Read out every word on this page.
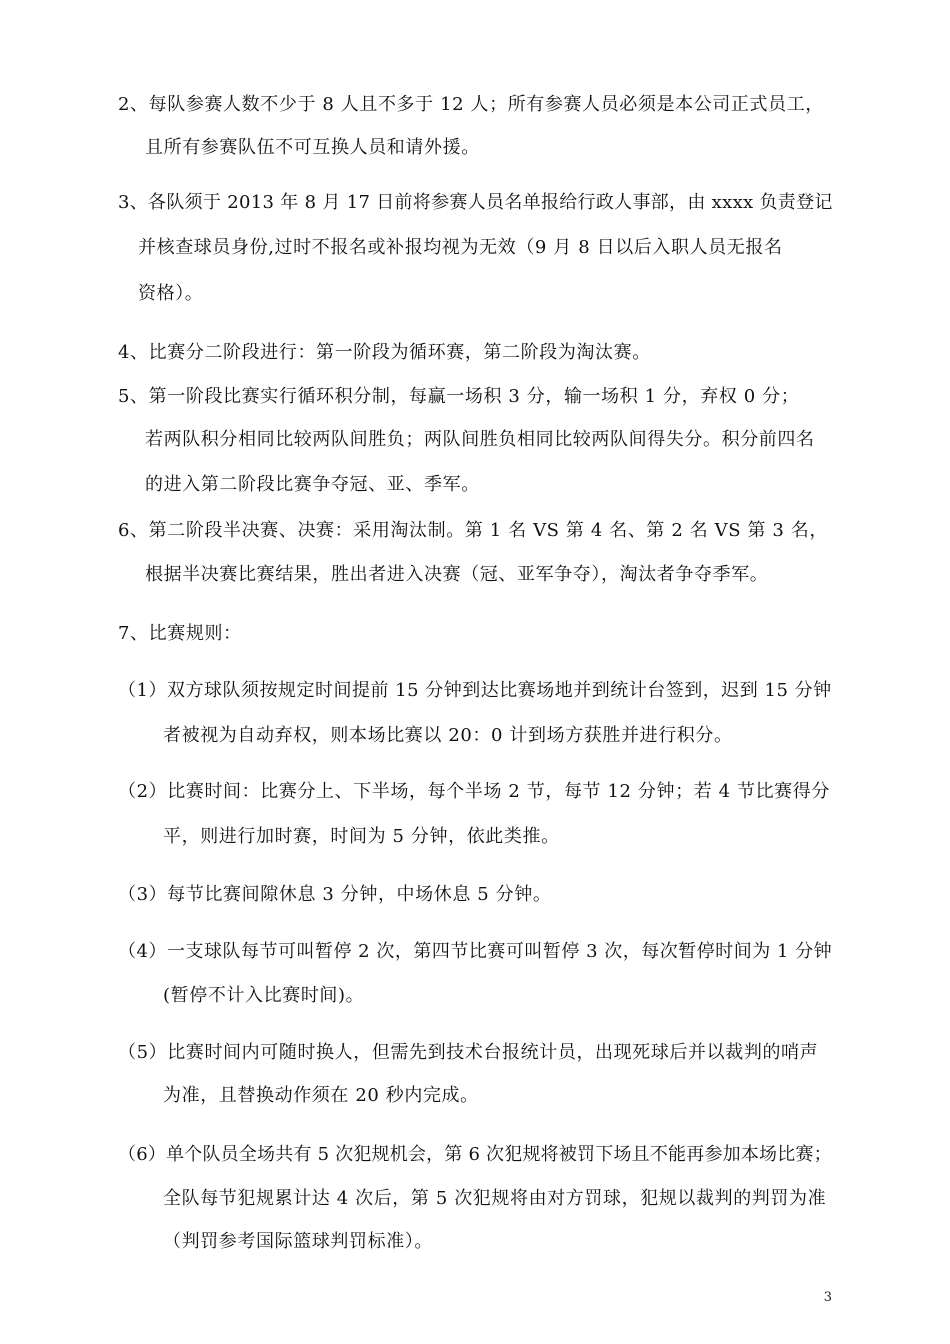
2、每队参赛人数不少于 8 人且不多于 12 人；所有参赛人员必须是本公司正式员工，
且所有参赛队伍不可互换人员和请外援。
3、各队须于 2013 年 8 月 17 日前将参赛人员名单报给行政人事部，由 xxxx 负责登记
并核查球员身份,过时不报名或补报均视为无效（9 月 8 日以后入职人员无报名
资格）。
4、比赛分二阶段进行：第一阶段为循环赛，第二阶段为淘汰赛。
5、第一阶段比赛实行循环积分制，每赢一场积 3 分，输一场积 1 分，弃权 0 分；
若两队积分相同比较两队间胜负；两队间胜负相同比较两队间得失分。积分前四名
的进入第二阶段比赛争夺冠、亚、季军。
6、第二阶段半决赛、决赛：采用淘汰制。第 1 名 VS 第 4 名、第 2 名 VS 第 3 名，
根据半决赛比赛结果，胜出者进入决赛（冠、亚军争夺），淘汰者争夺季军。
7、比赛规则：
（1）双方球队须按规定时间提前 15 分钟到达比赛场地并到统计台签到，迟到 15 分钟
者被视为自动弃权，则本场比赛以 20：0 计到场方获胜并进行积分。
（2）比赛时间：比赛分上、下半场，每个半场 2 节，每节 12 分钟；若 4 节比赛得分
平，则进行加时赛，时间为 5 分钟，依此类推。
（3）每节比赛间隙休息 3 分钟，中场休息 5 分钟。
（4）一支球队每节可叫暂停 2 次，第四节比赛可叫暂停 3 次，每次暂停时间为 1 分钟
(暂停不计入比赛时间)。
（5）比赛时间内可随时换人，但需先到技术台报统计员，出现死球后并以裁判的哨声
为准，且替换动作须在 20 秒内完成。
（6）单个队员全场共有 5 次犯规机会，第 6 次犯规将被罚下场且不能再参加本场比赛；
全队每节犯规累计达 4 次后，第 5 次犯规将由对方罚球，犯规以裁判的判罚为准
（判罚参考国际篮球判罚标准）。
3
